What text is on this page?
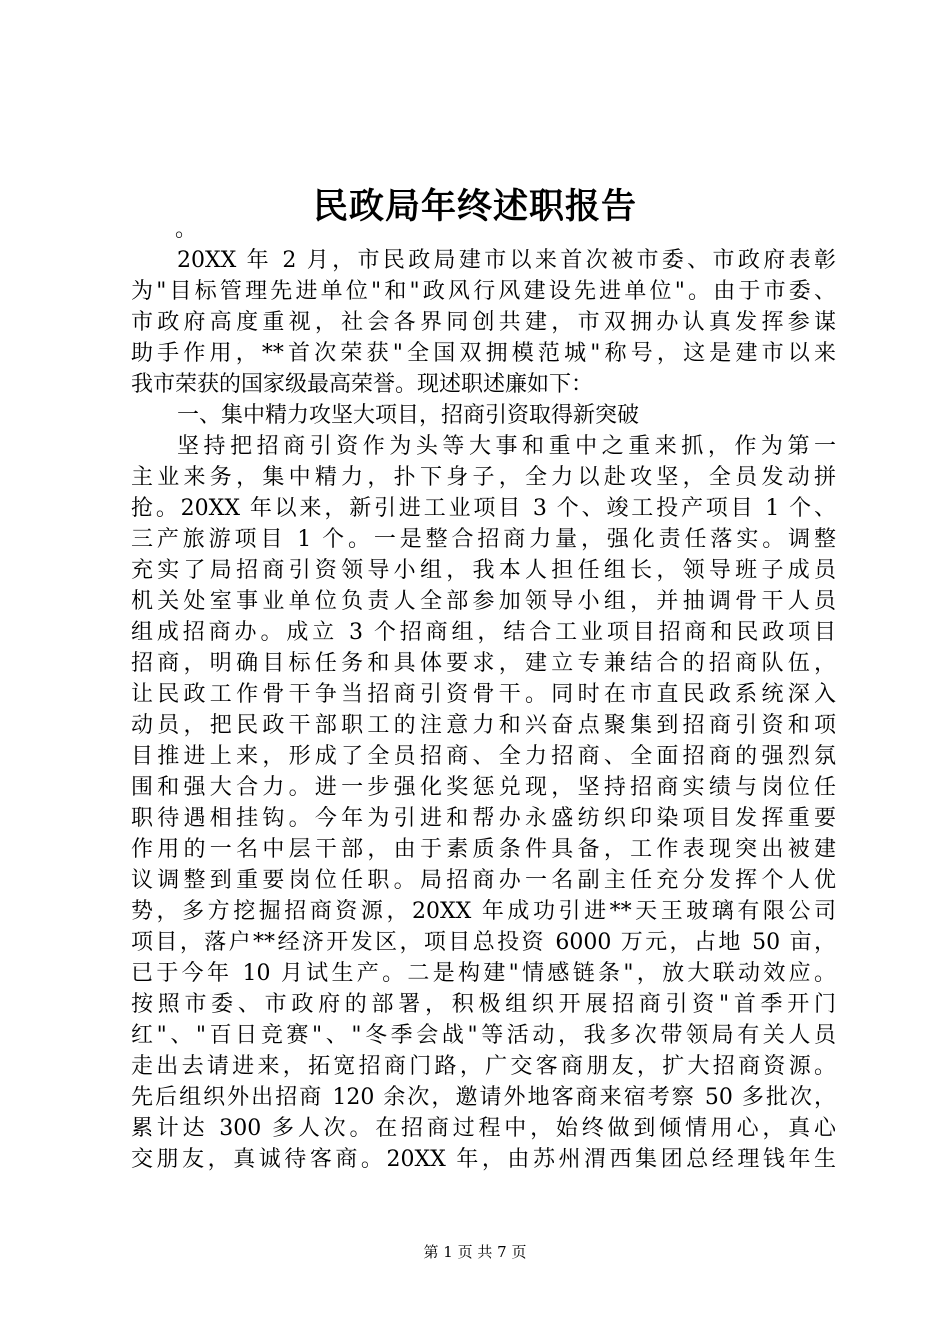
民政局年终述职报告
。
20XX 年 2 月，市民政局建市以来首次被市委、市政府表彰
为"目标管理先进单位"和"政风行风建设先进单位"。由于市委、
市政府高度重视，社会各界同创共建，市双拥办认真发挥参谋
助手作用，**首次荣获"全国双拥模范城"称号，这是建市以来
我市荣获的国家级最高荣誉。现述职述廉如下：
一、集中精力攻坚大项目，招商引资取得新突破
坚持把招商引资作为头等大事和重中之重来抓，作为第一
主业来务，集中精力，扑下身子，全力以赴攻坚，全员发动拼
抢。20XX 年以来，新引进工业项目 3 个、竣工投产项目 1 个、
三产旅游项目 1 个。一是整合招商力量，强化责任落实。调整
充实了局招商引资领导小组，我本人担任组长，领导班子成员
机关处室事业单位负责人全部参加领导小组，并抽调骨干人员
组成招商办。成立 3 个招商组，结合工业项目招商和民政项目
招商，明确目标任务和具体要求，建立专兼结合的招商队伍，
让民政工作骨干争当招商引资骨干。同时在市直民政系统深入
动员，把民政干部职工的注意力和兴奋点聚集到招商引资和项
目推进上来，形成了全员招商、全力招商、全面招商的强烈氛
围和强大合力。进一步强化奖惩兑现，坚持招商实绩与岗位任
职待遇相挂钩。今年为引进和帮办永盛纺织印染项目发挥重要
作用的一名中层干部，由于素质条件具备，工作表现突出被建
议调整到重要岗位任职。局招商办一名副主任充分发挥个人优
势，多方挖掘招商资源，20XX 年成功引进**天王玻璃有限公司
项目，落户**经济开发区，项目总投资 6000 万元，占地 50 亩，
已于今年 10 月试生产。二是构建"情感链条"，放大联动效应。
按照市委、市政府的部署，积极组织开展招商引资"首季开门
红"、"百日竞赛"、"冬季会战"等活动，我多次带领局有关人员
走出去请进来，拓宽招商门路，广交客商朋友，扩大招商资源。
先后组织外出招商 120 余次，邀请外地客商来宿考察 50 多批次，
累计达 300 多人次。在招商过程中，始终做到倾情用心，真心
交朋友，真诚待客商。20XX 年，由苏州渭西集团总经理钱年生
第 1 页 共 7 页
